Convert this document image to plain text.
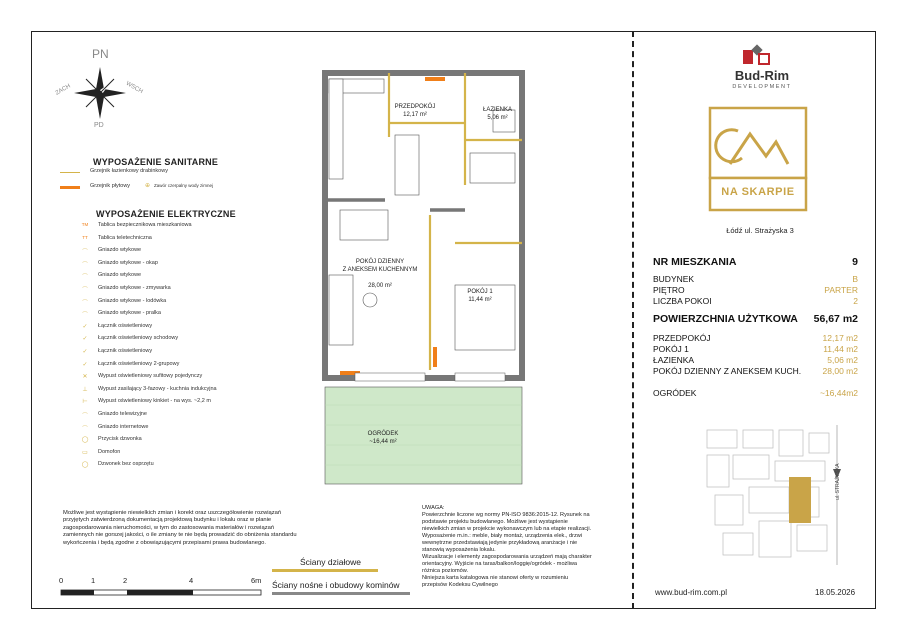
PN
PD
ZACH	WSCH
WYPOSAŻENIE SANITARNE
Grzejnik łazienkowy drabinkowy
Grzejnik płytowy ⊕ Zawór czerpalny wody zimnej
WYPOSAŻENIE ELEKTRYCZNE
TM	Tablica bezpiecznikowa mieszkaniowa
TT	Tablica teletechniczna
⌒	Gniazdo wtykowe
⌒	Gniazdo wtykowe - okap
⌒	Gniazdo wtykowe
⌒	Gniazdo wtykowe - zmywarka
⌒	Gniazdo wtykowe - lodówka
⌒	Gniazdo wtykowe - pralka
✓	Łącznik oświetleniowy
✓	Łącznik oświetleniowy schodowy
✓	Łącznik oświetleniowy
✓	Łącznik oświetleniowy 2-grupowy
✕	Wypust oświetleniowy sufitowy pojedynczy
⊥	Wypust zasilający 3-fazowy - kuchnia indukcyjna
⊢	Wypust oświetleniowy kinkiet - na wys. ~2,2 m
⌒	Gniazdo telewizyjne
⌒	Gniazdo internetowe
◯	Przycisk dzwonka
▭	Domofon
◯	Dzwonek bez osprzętu
Możliwe jest wystąpienie niewielkich zmian i korekt oraz uszczegółowienie rozwiązań
przyjętych zatwierdzoną dokumentacją projektową budynku i lokalu oraz w planie
zagospodarowania nieruchomości, w tym do zastosowania materiałów i rozwiązań
zamiennych nie gorszej jakości, o ile zmiany te nie będą prowadzić do obniżenia standardu
wykończenia i będą zgodne z obowiązującymi przepisami prawa budowlanego.
0	1	2	4	6m
Ściany działowe
Ściany nośne i obudowy kominów
UWAGA:
Powierzchnie liczone wg normy PN-ISO 9836:2015-12. Rysunek na
podstawie projektu budowlanego. Możliwe jest wystąpienie
niewielkich zmian w projekcie wykonawczym lub na etapie realizacji.
Wyposażenie m.in.: meble, biały montaż, urządzenia elek., drzwi
wewnętrzne przedstawiają jedynie przykładową aranżacje i nie
stanowią wyposażenia lokalu.
Wizualizacje i elementy zagospodarowania urządzeń mają charakter
orientacyjny. Wyjście na taras/balkon/loggię/ogródek - możliwa
różnica poziomów.
Niniejsza karta katalogowa nie stanowi oferty w rozumieniu
przepisów Kodeksu Cywilnego
PRZEDPOKÓJ
12,17 m²
ŁAZIENKA
5,06 m²

POKÓJ DZIENNY
Z ANEKSEM KUCHENNYM

28,00 m²

POKÓJ 1
11,44 m²
OGRÓDEK
~16,44 m²
Bud-Rim
DEVELOPMENT
NA SKARPIE
Łódź ul. Strażyska 3
NR MIESZKANIA	9
BUDYNEK	B
PIĘTRO	PARTER
LICZBA POKOI	2
POWIERZCHNIA UŻYTKOWA	56,67 m2
PRZEDPOKÓJ	12,17 m2
POKÓJ 1	11,44 m2
ŁAZIENKA	5,06 m2
POKÓJ DZIENNY Z ANEKSEM KUCH.	28,00 m2
OGRÓDEK	~16,44m2
ul. STRAŻYSKA
www.bud-rim.com.pl	18.05.2026
